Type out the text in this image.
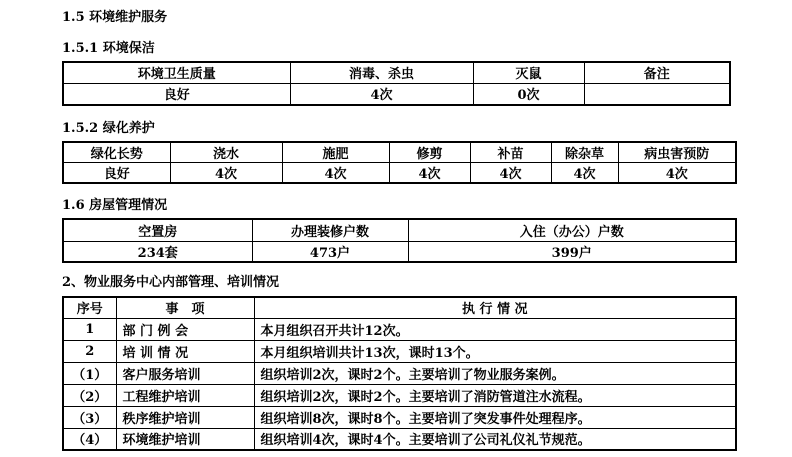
1.5 环境维护服务
1.5.1 环境保洁
环境卫生质量	消毒、杀虫	灭鼠	备注
良好	4次	0次	
1.5.2 绿化养护
绿化长势	浇水	施肥	修剪	补苗	除杂草	病虫害预防
良好	4次	4次	4次	4次	4次	4次
1.6 房屋管理情况
空置房	办理装修户数	入住（办公）户数
234套	473户	399户
2、物业服务中心内部管理、培训情况
序号	事　项	执 行 情 况
1	部 门 例 会	本月组织召开共计12次。
2	培 训 情 况	本月组织培训共计13次，课时13个。
（1）	客户服务培训	组织培训2次，课时2个。主要培训了物业服务案例。
（2）	工程维护培训	组织培训2次，课时2个。主要培训了消防管道注水流程。
（3）	秩序维护培训	组织培训8次，课时8个。主要培训了突发事件处理程序。
（4）	环境维护培训	组织培训4次，课时4个。主要培训了公司礼仪礼节规范。
